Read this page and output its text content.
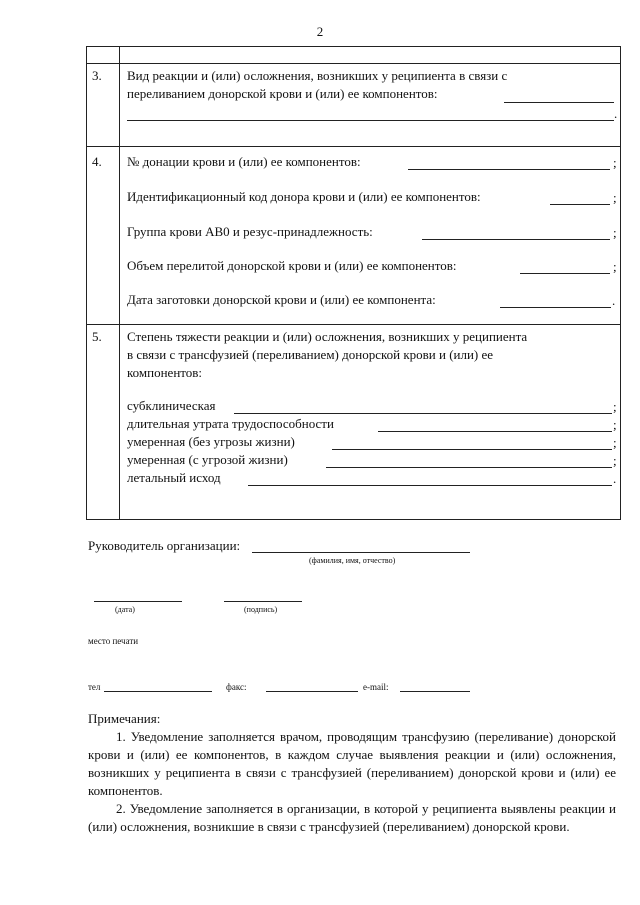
2
3. Вид реакции и (или) осложнения, возникших у реципиента в связи с
переливанием донорской крови и (или) ее компонентов:
.
4. № донации крови и (или) ее компонентов:	;
Идентификационный код донора крови и (или) ее компонентов:	;
Группа крови АВ0 и резус-принадлежность:	;
Объем перелитой донорской крови и (или) ее компонентов:	;
Дата заготовки донорской крови и (или) ее компонента:	.
5. Степень тяжести реакции и (или) осложнения, возникших у реципиента
в связи с трансфузией (переливанием) донорской крови и (или) ее
компонентов:
субклиническая	;
длительная утрата трудоспособности	;
умеренная (без угрозы жизни)	;
умеренная (с угрозой жизни)	;
летальный исход	.
Руководитель организации:
(фамилия, имя, отчество)
(дата)	(подпись)
место печати
тел	факс:	e-mail:

Примечания:

1. Уведомление заполняется врачом, проводящим трансфузию (переливание) донорской крови и (или) ее компонентов, в каждом случае выявления реакции и (или) осложнения, возникших у реципиента в связи с трансфузией (переливанием) донорской крови и (или) ее компонентов.

2. Уведомление заполняется в организации, в которой у реципиента выявлены реакции и (или) осложнения, возникшие в связи с трансфузией (переливанием) донорской крови.
